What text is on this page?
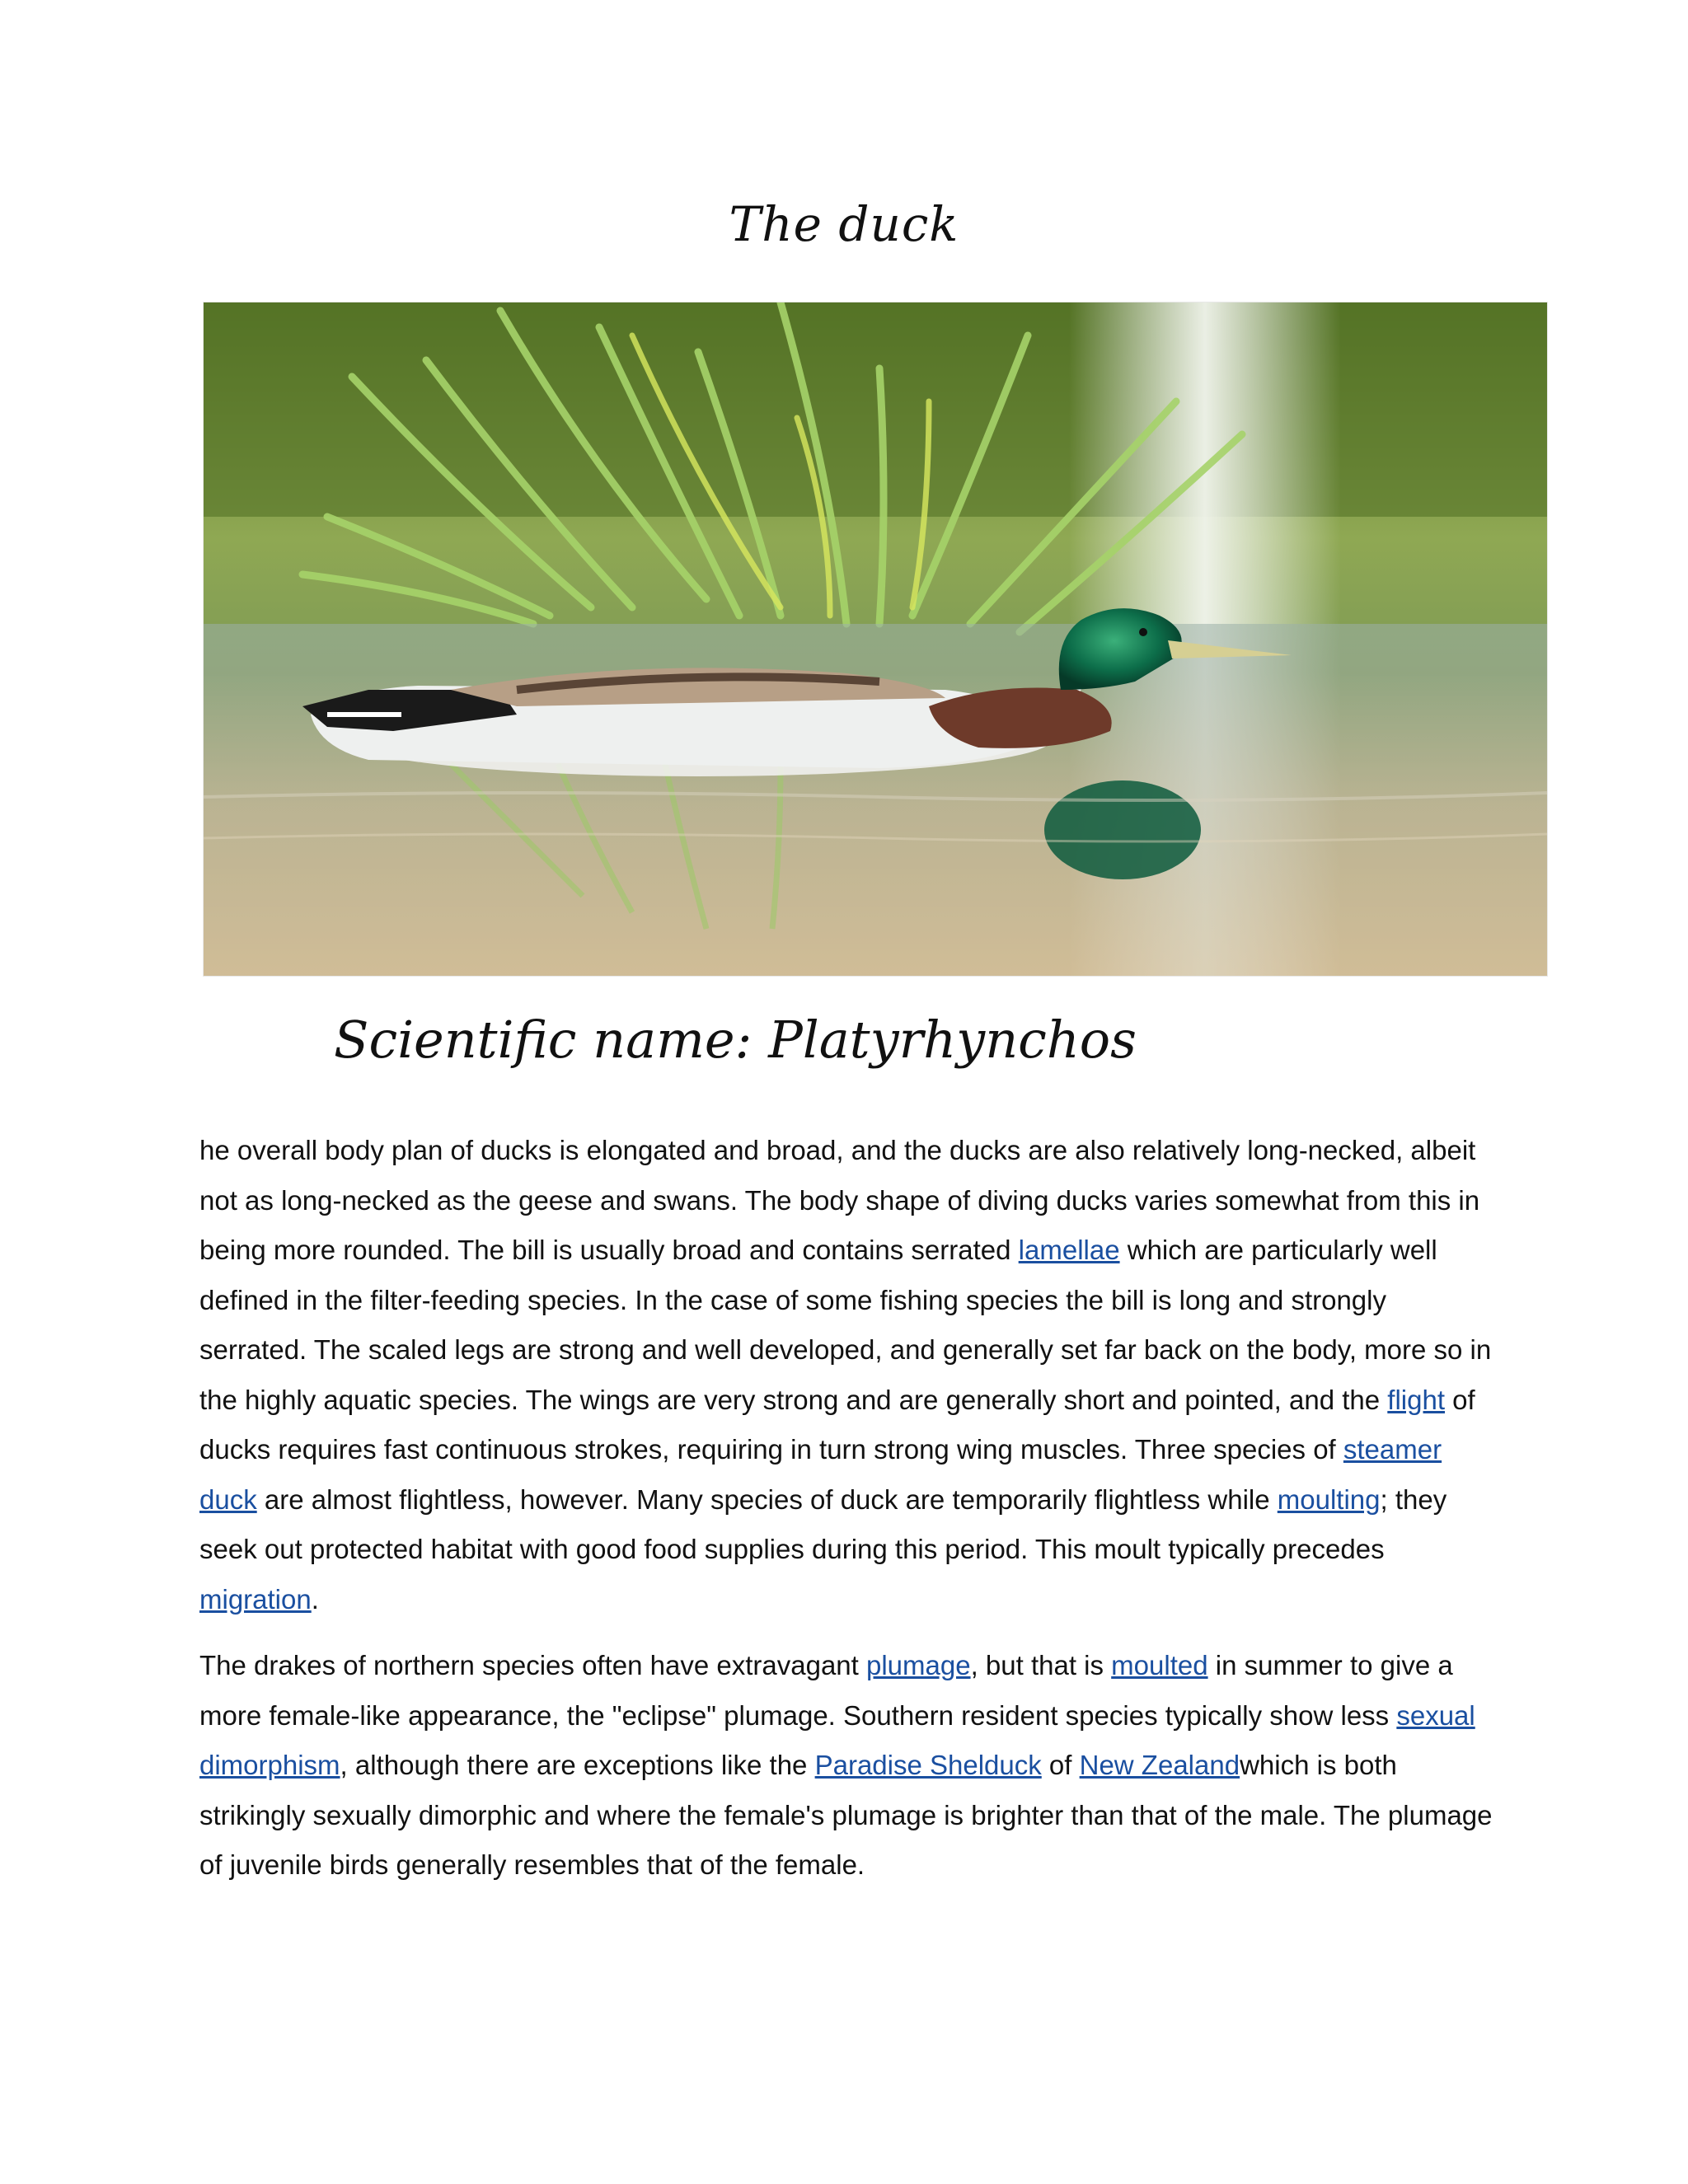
The duck
Scientific name: Platyrhynchos

he overall body plan of ducks is elongated and broad, and the ducks are also relatively long-necked, albeit not as long-necked as the geese and swans. The body shape of diving ducks varies somewhat from this in being more rounded. The bill is usually broad and contains serrated lamellae which are particularly well defined in the filter-feeding species. In the case of some fishing species the bill is long and strongly serrated. The scaled legs are strong and well developed, and generally set far back on the body, more so in the highly aquatic species. The wings are very strong and are generally short and pointed, and the flight of ducks requires fast continuous strokes, requiring in turn strong wing muscles. Three species of steamer duck are almost flightless, however. Many species of duck are temporarily flightless while moulting; they seek out protected habitat with good food supplies during this period. This moult typically precedes migration.

The drakes of northern species often have extravagant plumage, but that is moulted in summer to give a more female-like appearance, the "eclipse" plumage. Southern resident species typically show less sexual dimorphism, although there are exceptions like the Paradise Shelduck of New Zealandwhich is both strikingly sexually dimorphic and where the female's plumage is brighter than that of the male. The plumage of juvenile birds generally resembles that of the female.
